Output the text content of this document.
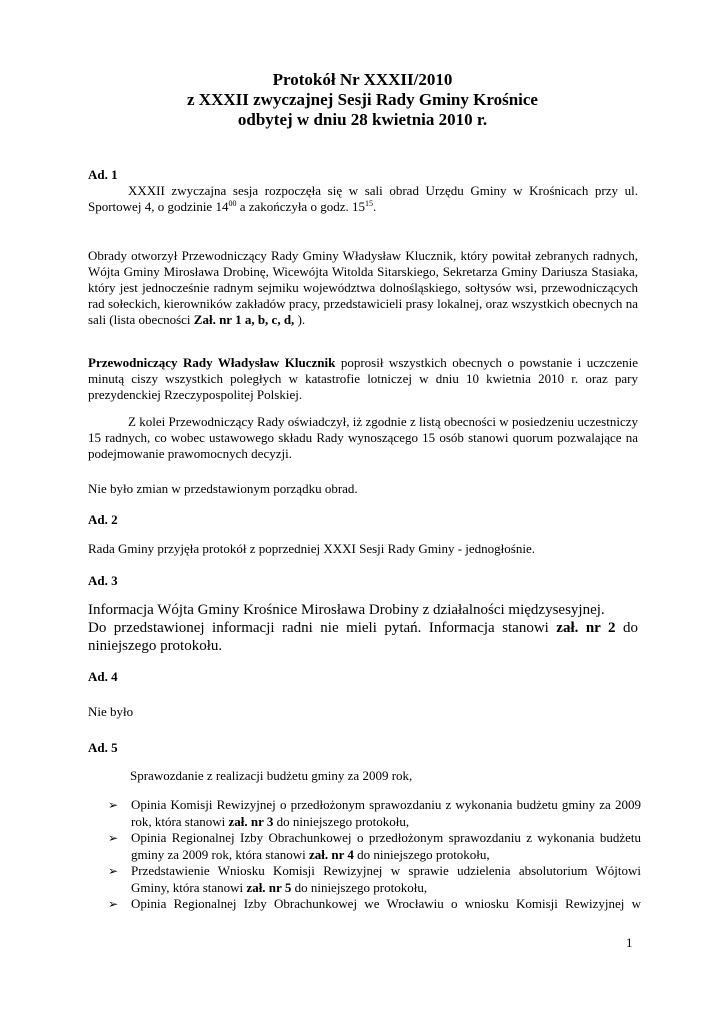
Protokół Nr XXXII/2010
z XXXII zwyczajnej Sesji Rady Gminy Krośnice
odbytej w dniu 28 kwietnia 2010 r.
Ad. 1
XXXII zwyczajna sesja rozpoczęła się w sali obrad Urzędu Gminy w Krośnicach przy ul. Sportowej 4, o godzinie $14^{00}$ a zakończyła o godz. $15^{15}$.
Obrady otworzył Przewodniczący Rady Gminy Władysław Klucznik, który powitał zebranych radnych, Wójta Gminy Mirosława Drobinę, Wicewójta Witolda Sitarskiego, Sekretarza Gminy Dariusza Stasiaka, który jest jednocześnie radnym sejmiku województwa dolnośląskiego, sołtysów wsi, przewodniczących rad sołeckich, kierowników zakładów pracy, przedstawicieli prasy lokalnej, oraz wszystkich obecnych na sali (lista obecności Zał. nr 1 a, b, c, d, ).
Przewodniczący Rady Władysław Klucznik poprosił wszystkich obecnych o powstanie i uczczenie minutą ciszy wszystkich poległych w katastrofie lotniczej w dniu 10 kwietnia 2010 r. oraz pary prezydenckiej Rzeczypospolitej Polskiej.
Z kolei Przewodniczący Rady oświadczył, iż zgodnie z listą obecności w posiedzeniu uczestniczy 15 radnych, co wobec ustawowego składu Rady wynoszącego 15 osób stanowi quorum pozwalające na podejmowanie prawomocnych decyzji.
Nie było zmian w przedstawionym porządku obrad.
Ad. 2
Rada Gminy przyjęła protokół z poprzedniej XXXI Sesji Rady Gminy - jednogłośnie.
Ad. 3
Informacja Wójta Gminy Krośnice Mirosława Drobiny z działalności międzysesyjnej.
Do przedstawionej informacji radni nie mieli pytań. Informacja stanowi zał. nr 2 do niniejszego protokołu.
Ad. 4
Nie było
Ad. 5
Sprawozdanie z realizacji budżetu gminy za 2009 rok,
➢ Opinia Komisji Rewizyjnej o przedłożonym sprawozdaniu z wykonania budżetu gminy za 2009 rok, która stanowi zał. nr 3 do niniejszego protokołu,
➢ Opinia Regionalnej Izby Obrachunkowej o przedłożonym sprawozdaniu z wykonania budżetu gminy za 2009 rok, która stanowi zał. nr 4 do niniejszego protokołu,
➢ Przedstawienie Wniosku Komisji Rewizyjnej w sprawie udzielenia absolutorium Wójtowi Gminy, która stanowi zał. nr 5 do niniejszego protokołu,
➢ Opinia Regionalnej Izby Obrachunkowej we Wrocławiu o wniosku Komisji Rewizyjnej w
1
